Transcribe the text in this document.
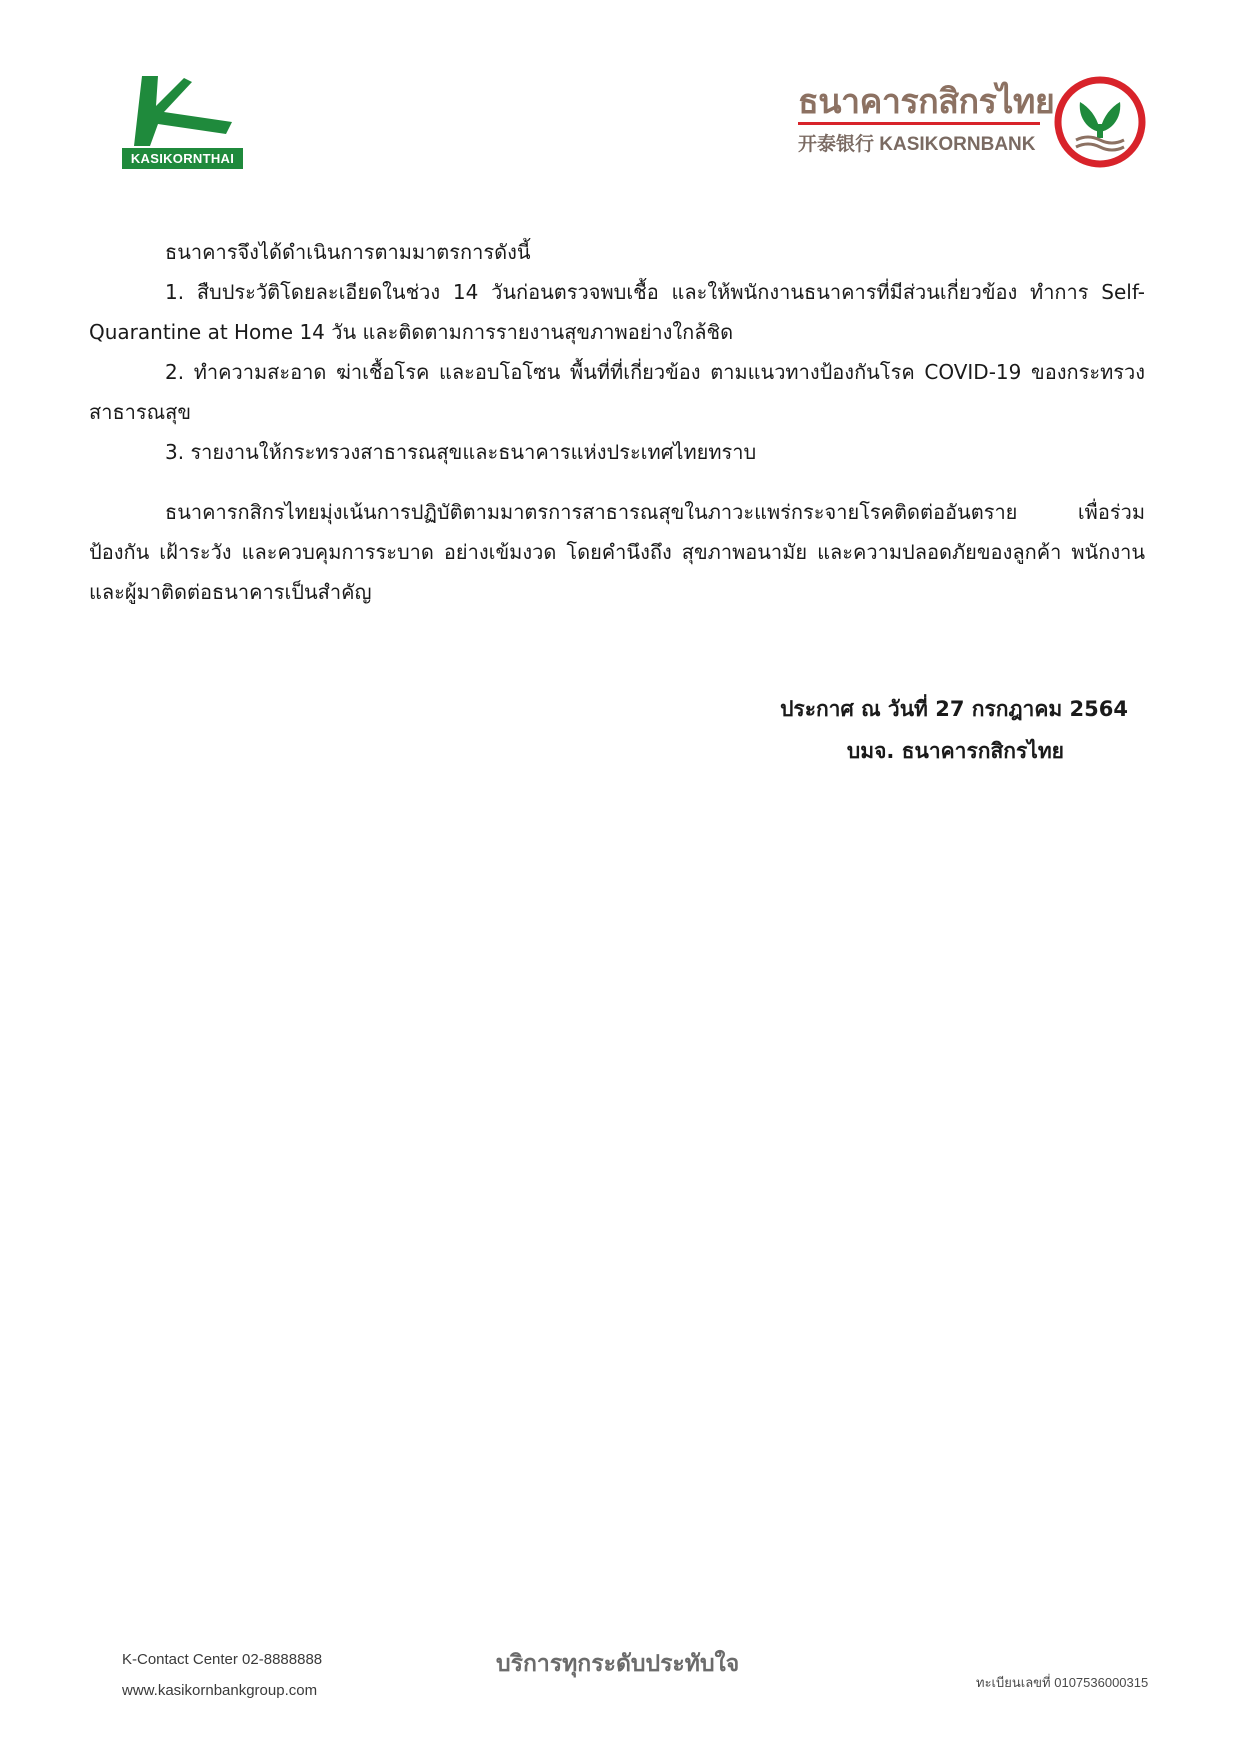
KASIKORNTHAI
ธนาคารกสิกรไทย
开泰银行 KASIKORNBANK

ธนาคารจึงได้ดำเนินการตามมาตรการดังนี้

1. สืบประวัติโดยละเอียดในช่วง 14 วันก่อนตรวจพบเชื้อ และให้พนักงานธนาคารที่มีส่วนเกี่ยวข้อง ทำการ Self-Quarantine at Home 14 วัน และติดตามการรายงานสุขภาพอย่างใกล้ชิด

2. ทำความสะอาด ฆ่าเชื้อโรค และอบโอโซน พื้นที่ที่เกี่ยวข้อง ตามแนวทางป้องกันโรค COVID-19 ของกระทรวงสาธารณสุข

3. รายงานให้กระทรวงสาธารณสุขและธนาคารแห่งประเทศไทยทราบ

ธนาคารกสิกรไทยมุ่งเน้นการปฏิบัติตามมาตรการสาธารณสุขในภาวะแพร่กระจายโรคติดต่ออันตราย เพื่อร่วมป้องกัน เฝ้าระวัง และควบคุมการระบาด อย่างเข้มงวด โดยคำนึงถึง สุขภาพอนามัย และความปลอดภัยของลูกค้า พนักงาน และผู้มาติดต่อธนาคารเป็นสำคัญ

ประกาศ ณ วันที่ 27 กรกฎาคม 2564
บมจ. ธนาคารกสิกรไทย
K-Contact Center 02-8888888
www.kasikornbankgroup.com
บริการทุกระดับประทับใจ
ทะเบียนเลขที่ 0107536000315
